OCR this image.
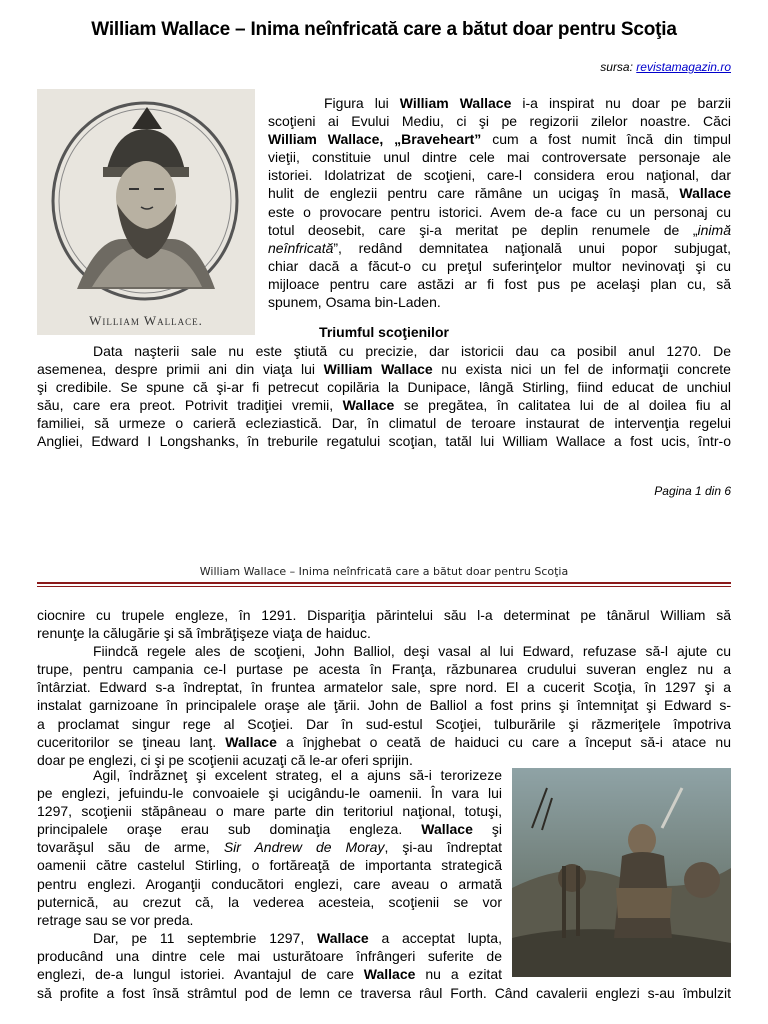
William Wallace – Inima neînfricată care a bătut doar pentru Scoţia
sursa: revistamagazin.ro
William Wallace.

Figura lui William Wallace i-a inspirat nu doar pe barzii

scoţieni ai Evului Mediu, ci şi pe regizorii zilelor noastre. Căci

William Wallace, „Braveheart” cum a fost numit încă din timpul

vieţii, constituie unul dintre cele mai controversate personaje ale

istoriei. Idolatrizat de scoţieni, care-l considera erou naţional, dar

hulit de englezii pentru care rămâne un ucigaş în masă, Wallace

este o provocare pentru istorici. Avem de-a face cu un personaj cu

totul deosebit, care şi-a meritat pe deplin renumele de „inimă

neînfricată”, redând demnitatea naţională unui popor subjugat,

chiar dacă a făcut-o cu preţul suferinţelor multor nevinovaţi şi cu

mijloace pentru care astăzi ar fi fost pus pe acelaşi plan cu, să

spunem, Osama bin-Laden.

Triumful scoţienilor

Data naşterii sale nu este ştiută cu precizie, dar istoricii dau ca posibil anul 1270. De

asemenea, despre primii ani din viaţa lui William Wallace nu exista nici un fel de informaţii concrete

şi credibile. Se spune că şi-ar fi petrecut copilăria la Dunipace, lângă Stirling, fiind educat de unchiul

său, care era preot. Potrivit tradiţiei vremii, Wallace se pregătea, în calitatea lui de al doilea fiu al

familiei, să urmeze o carieră ecleziastică. Dar, în climatul de teroare instaurat de intervenţia regelui

Angliei, Edward I Longshanks, în treburile regatului scoţian, tatăl lui William Wallace a fost ucis, într-o

Pagina 1 din 6
William Wallace – Inima neînfricată care a bătut doar pentru Scoţia

ciocnire cu trupele engleze, în 1291. Dispariţia părintelui său l-a determinat pe tânărul William să

renunţe la călugărie şi să îmbrăţişeze viaţa de haiduc.

Fiindcă regele ales de scoţieni, John Balliol, deşi vasal al lui Edward, refuzase să-l ajute cu

trupe, pentru campania ce-l purtase pe acesta în Franţa, răzbunarea crudului suveran englez nu a

întârziat. Edward s-a îndreptat, în fruntea armatelor sale, spre nord. El a cucerit Scoţia, în 1297 şi a

instalat garnizoane în principalele oraşe ale ţării. John de Balliol a fost prins şi întemniţat şi Edward s-

a proclamat singur rege al Scoţiei. Dar în sud-estul Scoţiei, tulburările şi răzmeriţele împotriva

cuceritorilor se ţineau lanţ. Wallace a înjghebat o ceată de haiduci cu care a început să-i atace nu

doar pe englezi, ci şi pe scoţienii acuzaţi că le-ar oferi sprijin.

Agil, îndrăzneţ şi excelent strateg, el a ajuns să-i terorizeze

pe englezi, jefuindu-le convoaiele şi ucigându-le oamenii. În vara lui

1297, scoţienii stăpâneau o mare parte din teritoriul naţional, totuşi,

principalele oraşe erau sub dominaţia engleza. Wallace şi

tovarăşul său de arme, Sir Andrew de Moray, şi-au îndreptat

oamenii către castelul Stirling, o fortăreaţă de importanta strategică

pentru englezi. Aroganţii conducători englezi, care aveau o armată

puternică, au crezut că, la vederea acesteia, scoţienii se vor

retrage sau se vor preda.

Dar, pe 11 septembrie 1297, Wallace a acceptat lupta,

producând una dintre cele mai usturătoare înfrângeri suferite de

englezi, de-a lungul istoriei. Avantajul de care Wallace nu a ezitat

să profite a fost însă strâmtul pod de lemn ce traversa râul Forth. Când cavalerii englezi s-au îmbulzit
